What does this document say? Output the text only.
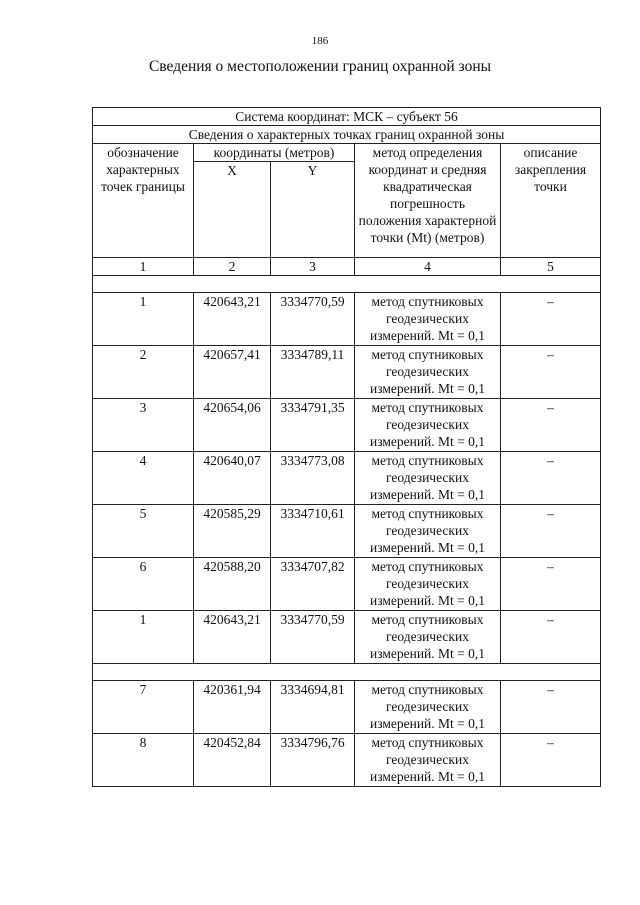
186
Сведения о местоположении границ охранной зоны
Система координат: МСК – субъект 56				
Сведения о характерных точках границ охранной зоны				
обозначение характерных точек границы	координаты (метров)		метод определения координат и средняя квадратическая погрешность положения характерной точки (Мt) (метров)	описание закрепления точки
	X	Y		
1	2	3	4	5

1	420643,21	3334770,59	метод спутниковых геодезических измерений. Мt = 0,1	–
2	420657,41	3334789,11	метод спутниковых геодезических измерений. Мt = 0,1	–
3	420654,06	3334791,35	метод спутниковых геодезических измерений. Мt = 0,1	–
4	420640,07	3334773,08	метод спутниковых геодезических измерений. Мt = 0,1	–
5	420585,29	3334710,61	метод спутниковых геодезических измерений. Мt = 0,1	–
6	420588,20	3334707,82	метод спутниковых геодезических измерений. Мt = 0,1	–
1	420643,21	3334770,59	метод спутниковых геодезических измерений. Мt = 0,1	–

7	420361,94	3334694,81	метод спутниковых геодезических измерений. Мt = 0,1	–
8	420452,84	3334796,76	метод спутниковых геодезических измерений. Мt = 0,1	–
